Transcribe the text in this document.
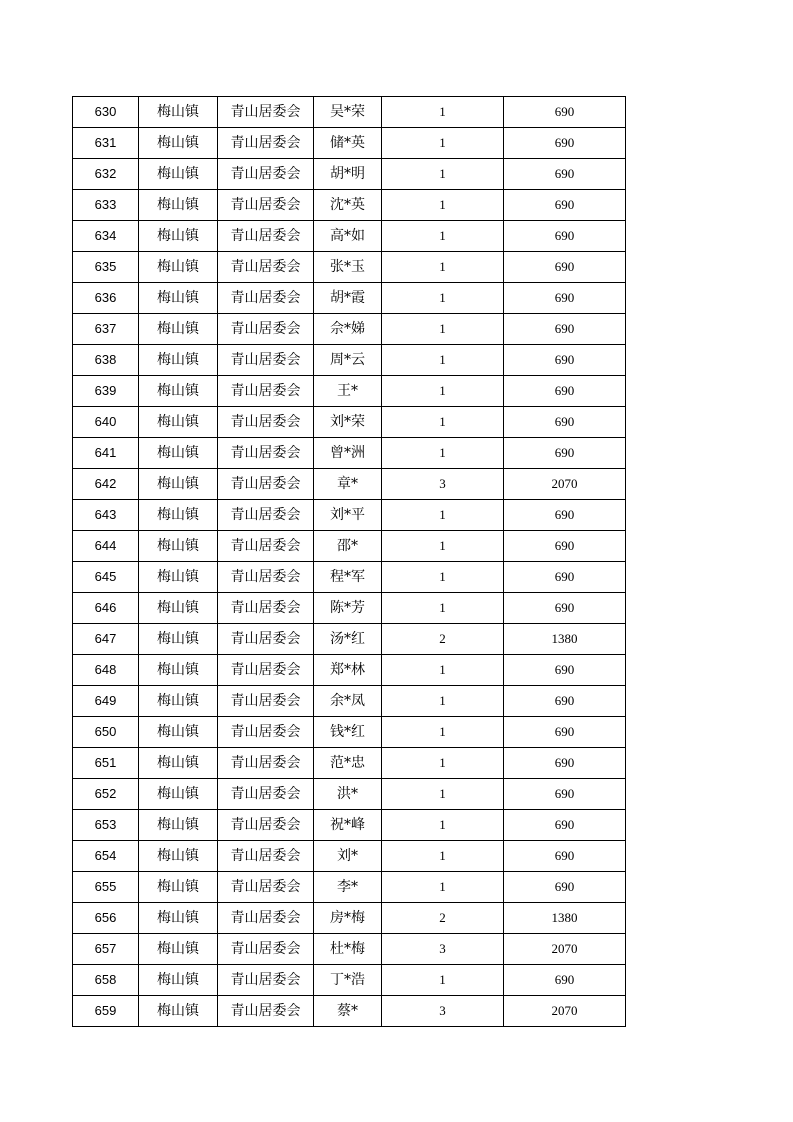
630	梅山镇	青山居委会	吴*荣	1	690
631	梅山镇	青山居委会	储*英	1	690
632	梅山镇	青山居委会	胡*明	1	690
633	梅山镇	青山居委会	沈*英	1	690
634	梅山镇	青山居委会	高*如	1	690
635	梅山镇	青山居委会	张*玉	1	690
636	梅山镇	青山居委会	胡*霞	1	690
637	梅山镇	青山居委会	佘*娣	1	690
638	梅山镇	青山居委会	周*云	1	690
639	梅山镇	青山居委会	王*	1	690
640	梅山镇	青山居委会	刘*荣	1	690
641	梅山镇	青山居委会	曾*洲	1	690
642	梅山镇	青山居委会	章*	3	2070
643	梅山镇	青山居委会	刘*平	1	690
644	梅山镇	青山居委会	邵*	1	690
645	梅山镇	青山居委会	程*军	1	690
646	梅山镇	青山居委会	陈*芳	1	690
647	梅山镇	青山居委会	汤*红	2	1380
648	梅山镇	青山居委会	郑*林	1	690
649	梅山镇	青山居委会	余*凤	1	690
650	梅山镇	青山居委会	钱*红	1	690
651	梅山镇	青山居委会	范*忠	1	690
652	梅山镇	青山居委会	洪*	1	690
653	梅山镇	青山居委会	祝*峰	1	690
654	梅山镇	青山居委会	刘*	1	690
655	梅山镇	青山居委会	李*	1	690
656	梅山镇	青山居委会	房*梅	2	1380
657	梅山镇	青山居委会	杜*梅	3	2070
658	梅山镇	青山居委会	丁*浩	1	690
659	梅山镇	青山居委会	蔡*	3	2070
